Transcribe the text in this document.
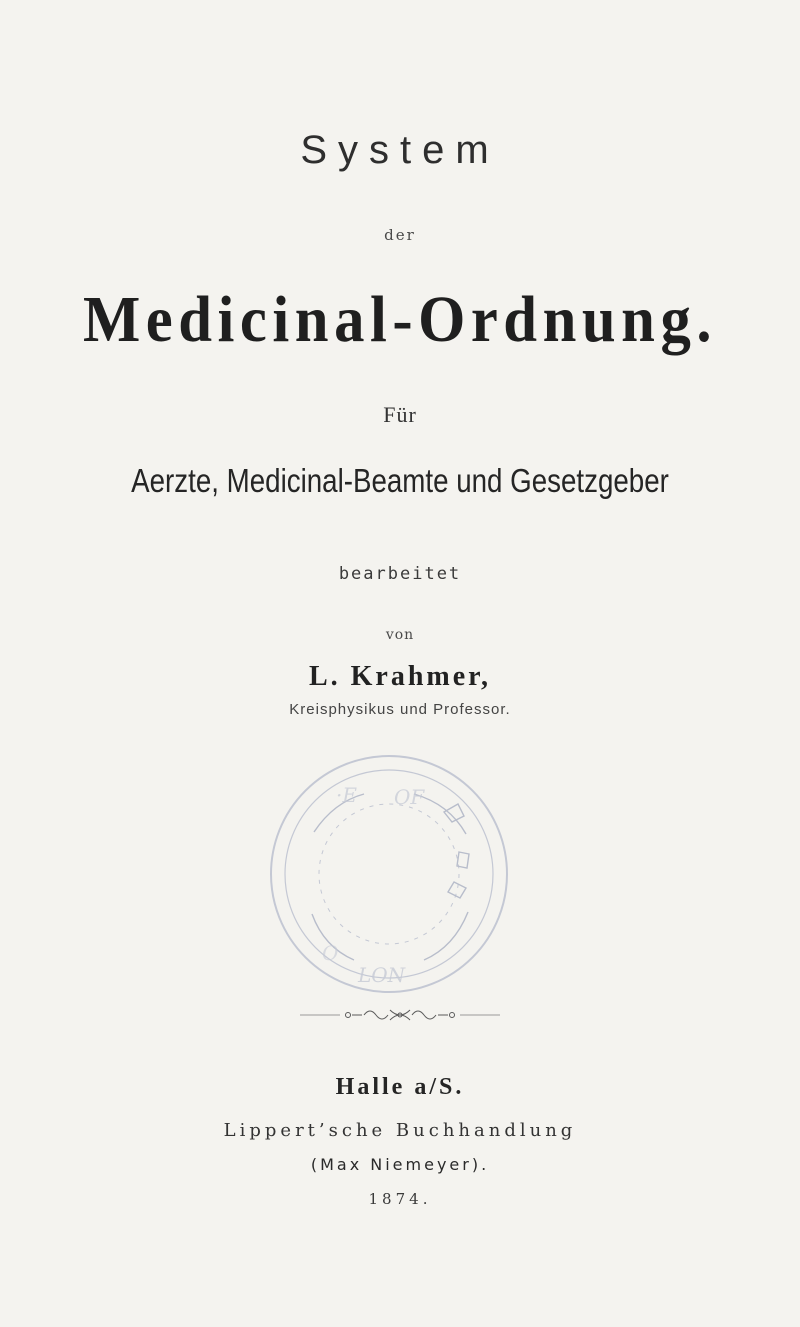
System
der
Medicinal-Ordnung.
Für
Aerzte, Medicinal-Beamte und Gesetzgeber
bearbeitet
von
L. Krahmer,
Kreisphysikus und Professor.
·E OF
LON
O
Halle a/S.
Lippert’sche Buchhandlung
(Max Niemeyer).
1874.
